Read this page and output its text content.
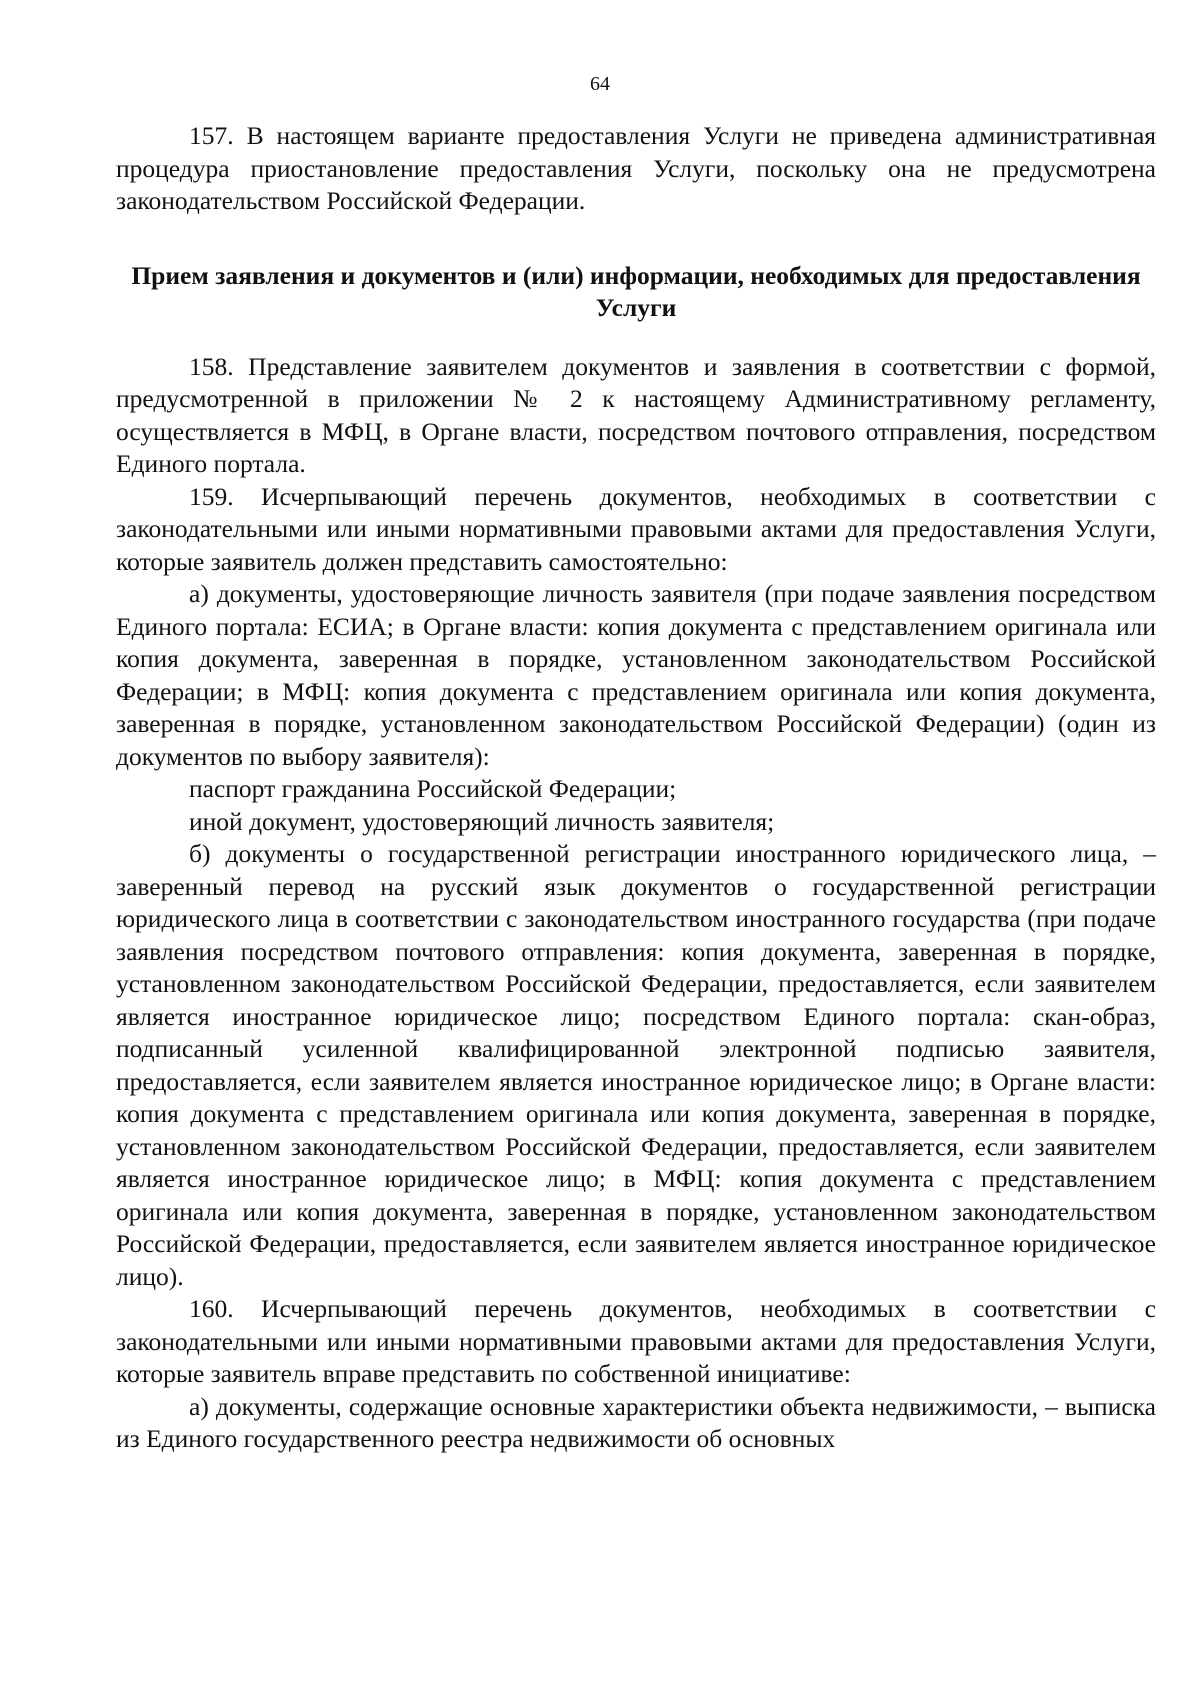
64

157. В настоящем варианте предоставления Услуги не приведена административная процедура приостановление предоставления Услуги, поскольку она не предусмотрена законодательством Российской Федерации.

Прием заявления и документов и (или) информации, необходимых для предоставления Услуги

158. Представление заявителем документов и заявления в соответствии с формой, предусмотренной в приложении № 2 к настоящему Административному регламенту, осуществляется в МФЦ, в Органе власти, посредством почтового отправления, посредством Единого портала.

159. Исчерпывающий перечень документов, необходимых в соответствии с законодательными или иными нормативными правовыми актами для предоставления Услуги, которые заявитель должен представить самостоятельно:

а) документы, удостоверяющие личность заявителя (при подаче заявления посредством Единого портала: ЕСИА; в Органе власти: копия документа с представлением оригинала или копия документа, заверенная в порядке, установленном законодательством Российской Федерации; в МФЦ: копия документа с представлением оригинала или копия документа, заверенная в порядке, установленном законодательством Российской Федерации) (один из документов по выбору заявителя):

паспорт гражданина Российской Федерации;

иной документ, удостоверяющий личность заявителя;

б) документы о государственной регистрации иностранного юридического лица, – заверенный перевод на русский язык документов о государственной регистрации юридического лица в соответствии с законодательством иностранного государства (при подаче заявления посредством почтового отправления: копия документа, заверенная в порядке, установленном законодательством Российской Федерации, предоставляется, если заявителем является иностранное юридическое лицо; посредством Единого портала: скан-образ, подписанный усиленной квалифицированной электронной подписью заявителя, предоставляется, если заявителем является иностранное юридическое лицо; в Органе власти: копия документа с представлением оригинала или копия документа, заверенная в порядке, установленном законодательством Российской Федерации, предоставляется, если заявителем является иностранное юридическое лицо; в МФЦ: копия документа с представлением оригинала или копия документа, заверенная в порядке, установленном законодательством Российской Федерации, предоставляется, если заявителем является иностранное юридическое лицо).

160. Исчерпывающий перечень документов, необходимых в соответствии с законодательными или иными нормативными правовыми актами для предоставления Услуги, которые заявитель вправе представить по собственной инициативе:

а) документы, содержащие основные характеристики объекта недвижимости, – выписка из Единого государственного реестра недвижимости об основных
